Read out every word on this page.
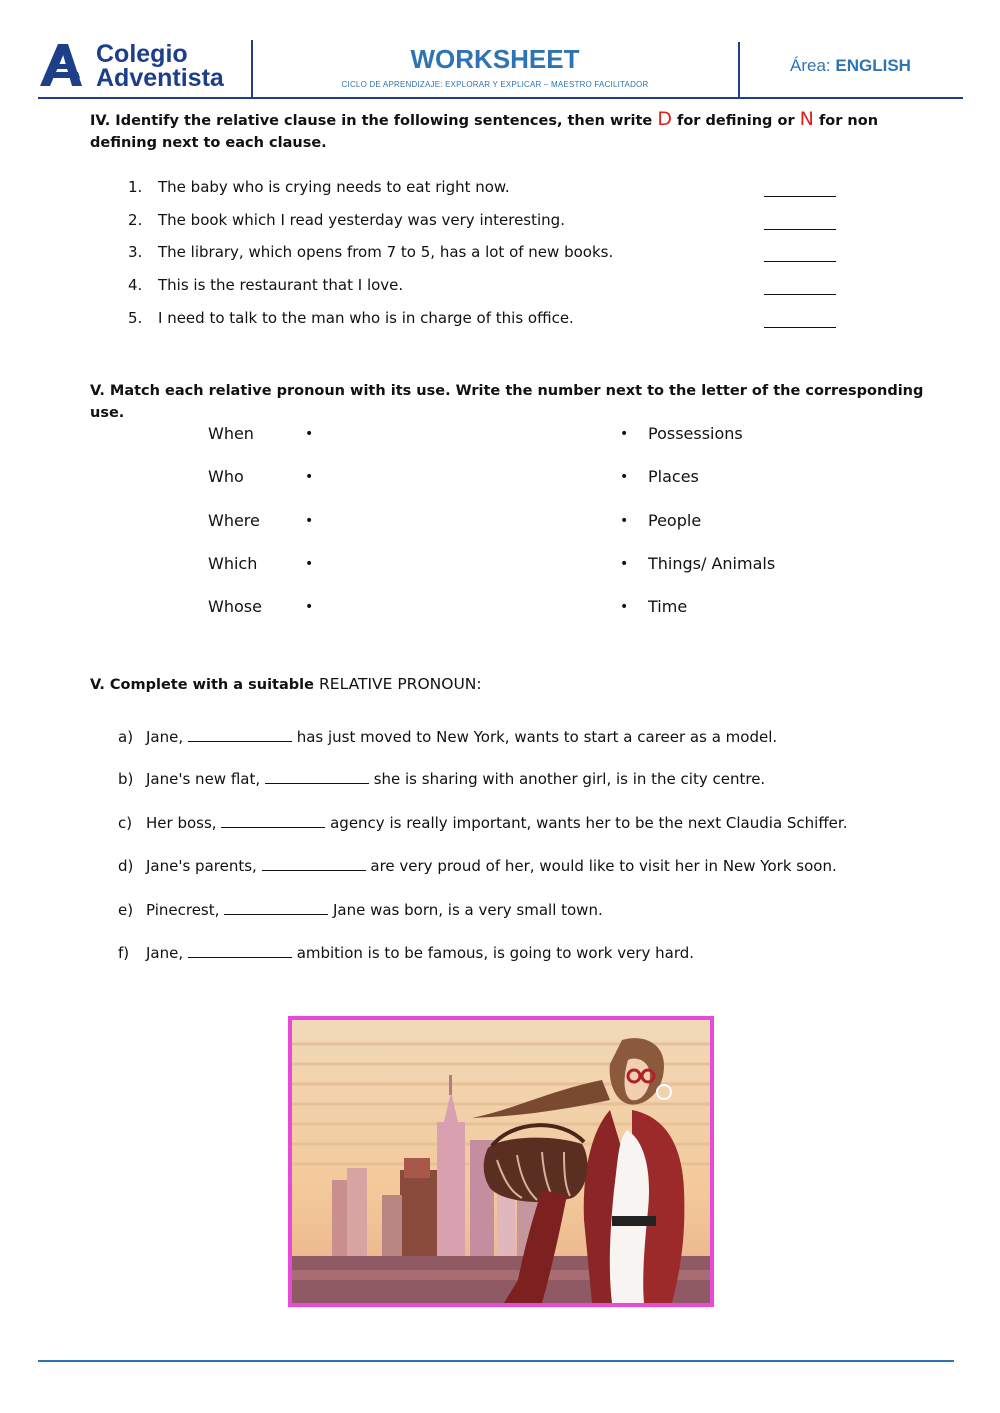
Colegio
Adventista
WORKSHEET
CICLO DE APRENDIZAJE: EXPLORAR Y EXPLICAR – MAESTRO FACILITADOR
Área: ENGLISH
IV. Identify the relative clause in the following sentences, then write D for defining or N for non
defining next to each clause.
1. The baby who is crying needs to eat right now.
2. The book which I read yesterday was very interesting.
3. The library, which opens from 7 to 5, has a lot of new books.
4. This is the restaurant that I love.
5. I need to talk to the man who is in charge of this office.
V. Match each relative pronoun with its use. Write the number next to the letter of the corresponding
use.
When	•	• Possessions
Who	•	• Places
Where	•	• People
Which	•	• Things/ Animals
Whose	•	• Time
V. Complete with a suitable RELATIVE PRONOUN:
a) Jane,	has just moved to New York, wants to start a career as a model.
b) Jane's new flat,	she is sharing with another girl, is in the city centre.
c) Her boss,	agency is really important, wants her to be the next Claudia Schiffer.
d) Jane's parents,	are very proud of her, would like to visit her in New York soon.
e) Pinecrest,	Jane was born, is a very small town.
f) Jane,	ambition is to be famous, is going to work very hard.
